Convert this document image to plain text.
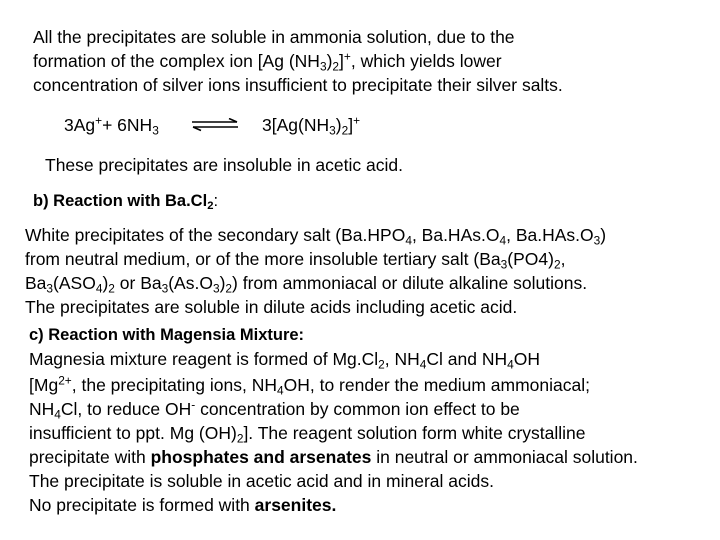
All the precipitates are soluble in ammonia solution, due to the
formation of the complex ion [Ag $(NH_3)_2]^+$, which yields lower
concentration of silver ions insufficient to precipitate their silver salts.
$3Ag^++ 6NH_3$ ⇌ $3[Ag(NH_3)_2]^+$
These precipitates are insoluble in acetic acid.
b) Reaction with $Ba.Cl_2$:
White precipitates of the secondary salt ($Ba.HPO_4$, $Ba.HAs.O_4$, $Ba.HAs.O_3$)
from neutral medium, or of the more insoluble tertiary salt ($Ba_3(PO4)_2$,
$Ba_3(ASO_4)_2$ or $Ba_3(As.O_3)_2$) from ammoniacal or dilute alkaline solutions.
The precipitates are soluble in dilute acids including acetic acid.
c) Reaction with Magensia Mixture:
Magnesia mixture reagent is formed of $Mg.Cl_2$, $NH_4Cl$ and $NH_4OH$
[$Mg^{2+}$, the precipitating ions, $NH_4OH$, to render the medium ammoniacal;
$NH_4Cl$, to reduce OH- concentration by common ion effect to be
insufficient to ppt. Mg $(OH)_2$]. The reagent solution form white crystalline
precipitate with phosphates and arsenates in neutral or ammoniacal solution.
The precipitate is soluble in acetic acid and in mineral acids.
No precipitate is formed with arsenites.
